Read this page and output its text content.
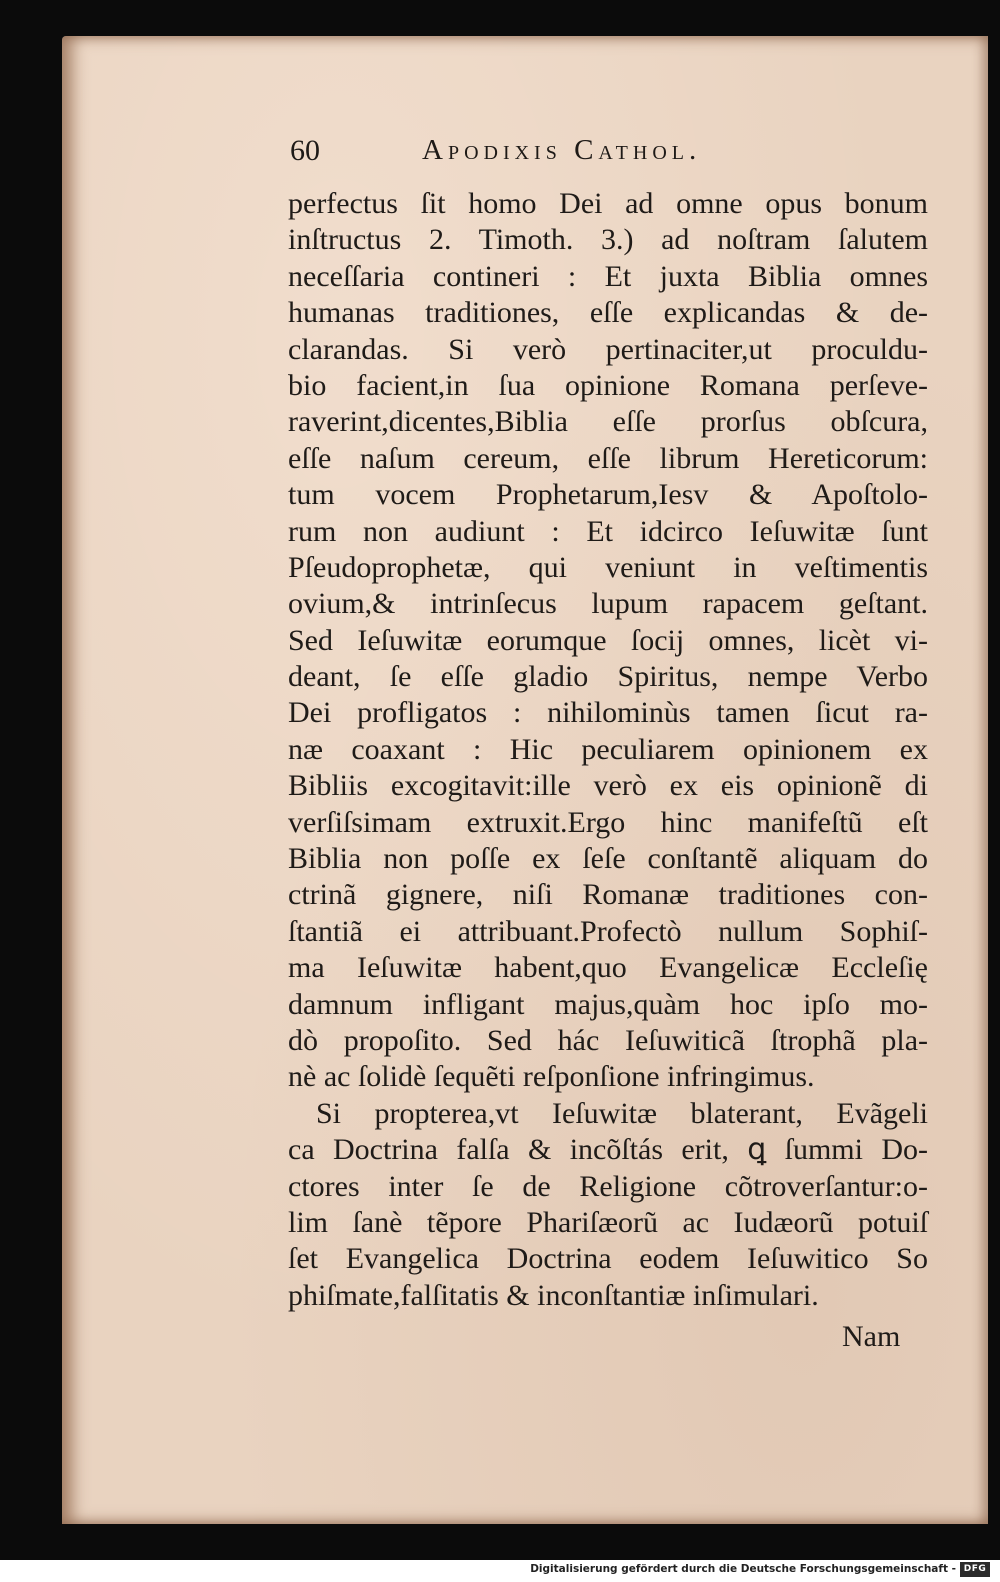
60	Apodixis Cathol.
perfectus ſit homo Dei ad omne opus bonum
inſtructus 2. Timoth. 3.) ad noſtram ſalutem
neceſſaria contineri : Et juxta Biblia omnes
humanas traditiones, eſſe explicandas & de-
clarandas. Si verò pertinaciter,ut proculdu-
bio facient,in ſua opinione Romana perſeve-
raverint,dicentes,Biblia eſſe prorſus obſcura,
eſſe naſum cereum, eſſe librum Hereticorum:
tum vocem Prophetarum,Iesv & Apoſtolo-
rum non audiunt : Et idcirco Ieſuwitæ ſunt
Pſeudoprophetæ, qui veniunt in veſtimentis
ovium,& intrinſecus lupum rapacem geſtant.
Sed Ieſuwitæ eorumque ſocij omnes, licèt vi-
deant, ſe eſſe gladio Spiritus, nempe Verbo
Dei profligatos : nihilominùs tamen ſicut ra-
næ coaxant : Hic peculiarem opinionem ex
Bibliis excogitavit:ille verò ex eis opinionẽ di
verſiſsimam extruxit.Ergo hinc manifeſtũ eſt
Biblia non poſſe ex ſeſe conſtantẽ aliquam do
ctrinã gignere, niſi Romanæ traditiones con-
ſtantiã ei attribuant.Profectò nullum Sophiſ-
ma Ieſuwitæ habent,quo Evangelicæ Eccleſię
damnum infligant majus,quàm hoc ipſo mo-
dò propoſito. Sed hác Ieſuwiticã ſtrophã pla-
nè ac ſolidè ſequẽti reſponſione infringimus.
Si propterea,vt Ieſuwitæ blaterant, Evãgeli
ca Doctrina falſa & incõſtás erit, ꝗ ſummi Do-
ctores inter ſe de Religione cõtroverſantur:o-
lim ſanè tẽpore Phariſæorũ ac Iudæorũ potuiſ
ſet Evangelica Doctrina eodem Ieſuwitico So
phiſmate,falſitatis & inconſtantiæ inſimulari.
Nam
Digitalisierung gefördert durch die Deutsche Forschungsgemeinschaft - DFG
